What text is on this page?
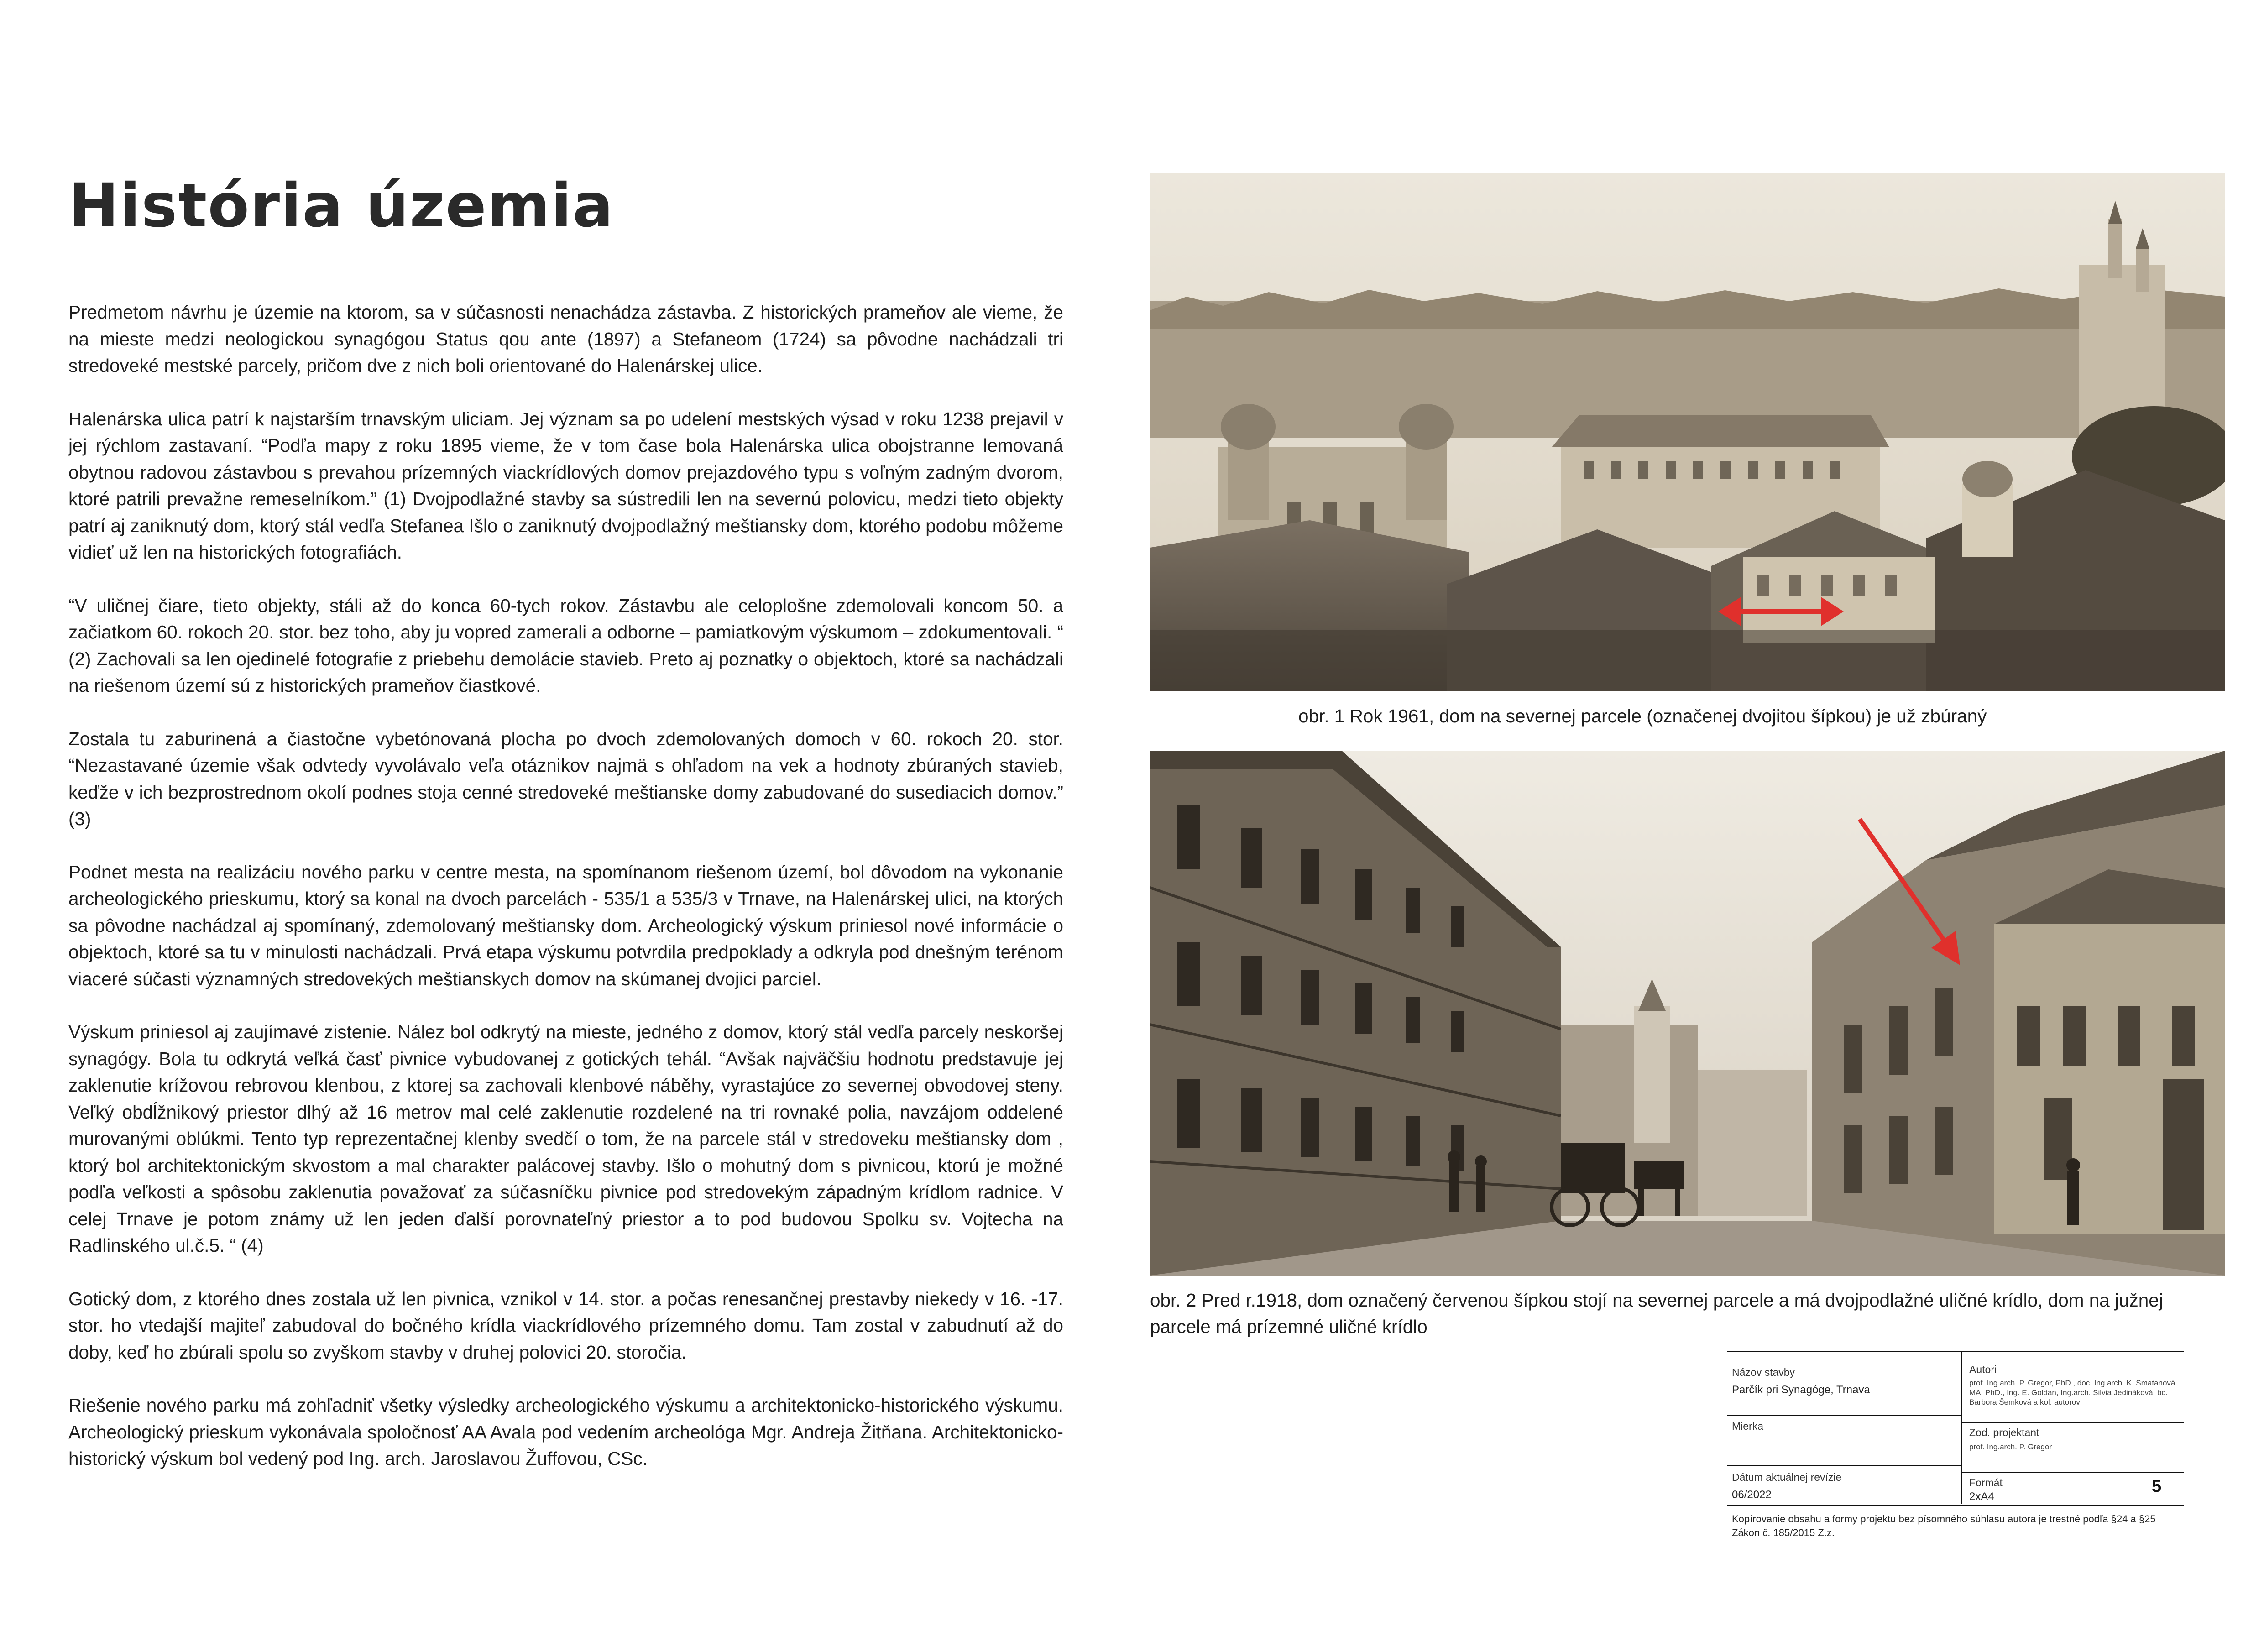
História územia

Predmetom návrhu je územie na ktorom, sa v súčasnosti nenachádza zástavba. Z historických prameňov ale vieme, že na mieste medzi neologickou synagógou Status qou ante (1897) a Stefaneom (1724) sa pôvodne nachádzali tri stredoveké mestské parcely, pričom dve z nich boli orientované do Halenárskej ulice.

Halenárska ulica patrí k najstarším trnavským uliciam. Jej význam sa po udelení mestských výsad v roku 1238 prejavil v jej rýchlom zastavaní. “Podľa mapy z roku 1895 vieme, že v tom čase bola Halenárska ulica obojstranne lemovaná obytnou radovou zástavbou s prevahou prízemných viackrídlových domov prejazdového typu s voľným zadným dvorom, ktoré patrili prevažne remeselníkom.” (1) Dvojpodlažné stavby sa sústredili len na severnú polovicu, medzi tieto objekty patrí aj zaniknutý dom, ktorý stál vedľa Stefanea Išlo o zaniknutý dvojpodlažný meštiansky dom, ktorého podobu môžeme vidieť už len na historických fotografiách.

“V uličnej čiare, tieto objekty, stáli až do konca 60-tych rokov. Zástavbu ale celoplošne zdemolovali koncom 50. a začiatkom 60. rokoch 20. stor. bez toho, aby ju vopred zamerali a odborne – pamiatkovým výskumom – zdokumentovali. “ (2) Zachovali sa len ojedinelé fotografie z priebehu demolácie stavieb. Preto aj poznatky o objektoch, ktoré sa nachádzali na riešenom území sú z historických prameňov čiastkové.

Zostala tu zaburinená a čiastočne vybetónovaná plocha po dvoch zdemolovaných domoch v 60. rokoch 20. stor. “Nezastavané územie však odvtedy vyvolávalo veľa otáznikov najmä s ohľadom na vek a hodnoty zbúraných stavieb, keďže v ich bezprostrednom okolí podnes stoja cenné stredoveké meštianske domy zabudované do susediacich domov.” (3)

Podnet mesta na realizáciu nového parku v centre mesta, na spomínanom riešenom území, bol dôvodom na vykonanie archeologického prieskumu, ktorý sa konal na dvoch parcelách - 535/1 a 535/3 v Trnave, na Halenárskej ulici, na ktorých sa pôvodne nachádzal aj spomínaný, zdemolovaný meštiansky dom. Archeologický výskum priniesol nové informácie o objektoch, ktoré sa tu v minulosti nachádzali. Prvá etapa výskumu potvrdila predpoklady a odkryla pod dnešným terénom viaceré súčasti významných stredovekých meštianskych domov na skúmanej dvojici parciel.

Výskum priniesol aj zaujímavé zistenie. Nález bol odkrytý na mieste, jedného z domov, ktorý stál vedľa parcely neskoršej synagógy. Bola tu odkrytá veľká časť pivnice vybudovanej z gotických tehál. “Avšak najväčšiu hodnotu predstavuje jej zaklenutie krížovou rebrovou klenbou, z ktorej sa zachovali klenbové náběhy, vyrastajúce zo severnej obvodovej steny. Veľký obdĺžnikový priestor dlhý až 16 metrov mal celé zaklenutie rozdelené na tri rovnaké polia, navzájom oddelené murovanými oblúkmi. Tento typ reprezentačnej klenby svedčí o tom, že na parcele stál v stredoveku meštiansky dom , ktorý bol architektonickým skvostom a mal charakter palácovej stavby. Išlo o mohutný dom s pivnicou, ktorú je možné podľa veľkosti a spôsobu zaklenutia považovať za súčasníčku pivnice pod stredovekým západným krídlom radnice. V celej Trnave je potom známy už len jeden ďalší porovnateľný priestor a to pod budovou Spolku sv. Vojtecha na Radlinského ul.č.5. “ (4)

Gotický dom, z ktorého dnes zostala už len pivnica, vznikol v 14. stor. a počas renesančnej prestavby niekedy v 16. -17. stor. ho vtedajší majiteľ zabudoval do bočného krídla viackrídlového prízemného domu. Tam zostal v zabudnutí až do doby, keď ho zbúrali spolu so zvyškom stavby v druhej polovici 20. storočia.

Riešenie nového parku má zohľadniť všetky výsledky archeologického výskumu a architektonicko-historického výskumu. Archeologický prieskum vykonávala spoločnosť AA Avala pod vedením archeológa Mgr. Andreja Žitňana. Architektonicko-historický výskum bol vedený pod Ing. arch. Jaroslavou Žuffovou, CSc.

obr. 1 Rok 1961, dom na severnej parcele (označenej dvojitou šípkou) je už zbúraný
obr. 2 Pred r.1918, dom označený červenou šípkou stojí na severnej parcele a má dvojpodlažné uličné krídlo, dom na južnej parcele má prízemné uličné krídlo
Názov stavby
Parčík pri Synagóge, Trnava
Autori
prof. Ing.arch. P. Gregor, PhD., doc. Ing.arch. K. Smatanová MA, PhD., Ing. E. Goldan, Ing.arch. Silvia Jedináková, bc. Barbora Šemková a kol. autorov
Mierka
Zod. projektant
prof. Ing.arch. P. Gregor
Dátum aktuálnej revízie
06/2022
Formát
2xA4
5
Kopírovanie obsahu a formy projektu bez písomného súhlasu autora je trestné podľa §24 a §25 Zákon č. 185/2015 Z.z.
